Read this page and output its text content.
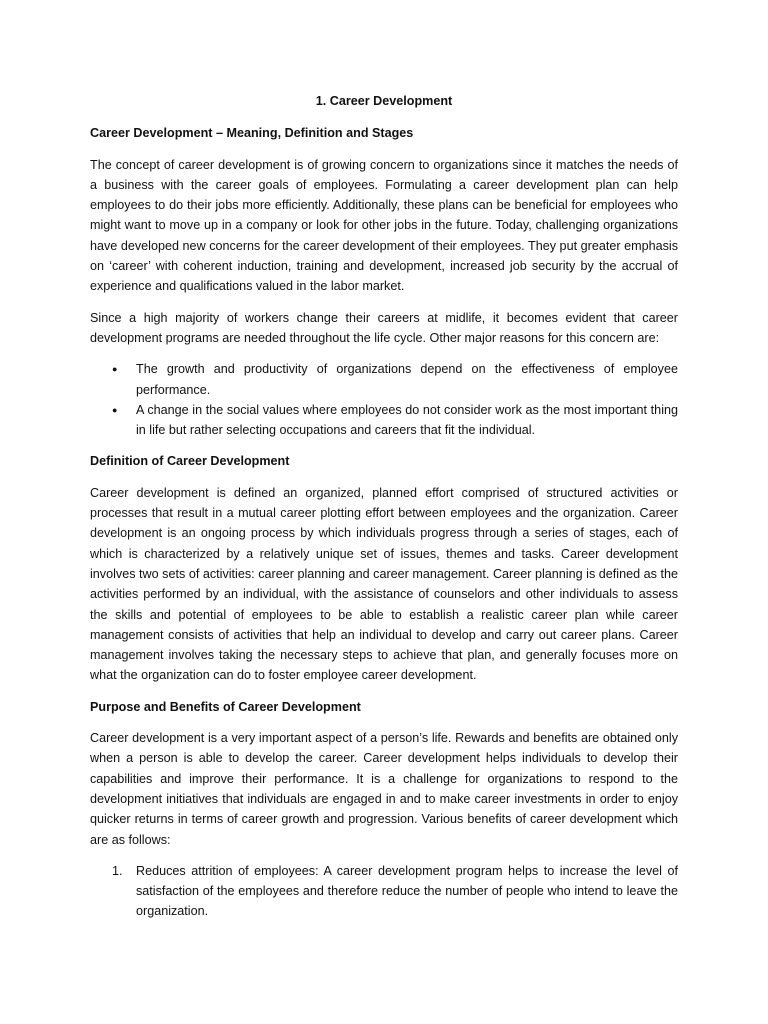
1. Career Development
Career Development – Meaning, Definition and Stages

The concept of career development is of growing concern to organizations since it matches the needs of a business with the career goals of employees. Formulating a career development plan can help employees to do their jobs more efficiently. Additionally, these plans can be beneficial for employees who might want to move up in a company or look for other jobs in the future. Today, challenging organizations have developed new concerns for the career development of their employees. They put greater emphasis on ‘career’ with coherent induction, training and development, increased job security by the accrual of experience and qualifications valued in the labor market.

Since a high majority of workers change their careers at midlife, it becomes evident that career development programs are needed throughout the life cycle. Other major reasons for this concern are:

● The growth and productivity of organizations depend on the effectiveness of employee performance.
● A change in the social values where employees do not consider work as the most important thing in life but rather selecting occupations and careers that fit the individual.
Definition of Career Development

Career development is defined an organized, planned effort comprised of structured activities or processes that result in a mutual career plotting effort between employees and the organization. Career development is an ongoing process by which individuals progress through a series of stages, each of which is characterized by a relatively unique set of issues, themes and tasks. Career development involves two sets of activities: career planning and career management. Career planning is defined as the activities performed by an individual, with the assistance of counselors and other individuals to assess the skills and potential of employees to be able to establish a realistic career plan while career management consists of activities that help an individual to develop and carry out career plans. Career management involves taking the necessary steps to achieve that plan, and generally focuses more on what the organization can do to foster employee career development.

Purpose and Benefits of Career Development

Career development is a very important aspect of a person’s life. Rewards and benefits are obtained only when a person is able to develop the career. Career development helps individuals to develop their capabilities and improve their performance. It is a challenge for organizations to respond to the development initiatives that individuals are engaged in and to make career investments in order to enjoy quicker returns in terms of career growth and progression. Various benefits of career development which are as follows:

1. Reduces attrition of employees: A career development program helps to increase the level of satisfaction of the employees and therefore reduce the number of people who intend to leave the organization.
